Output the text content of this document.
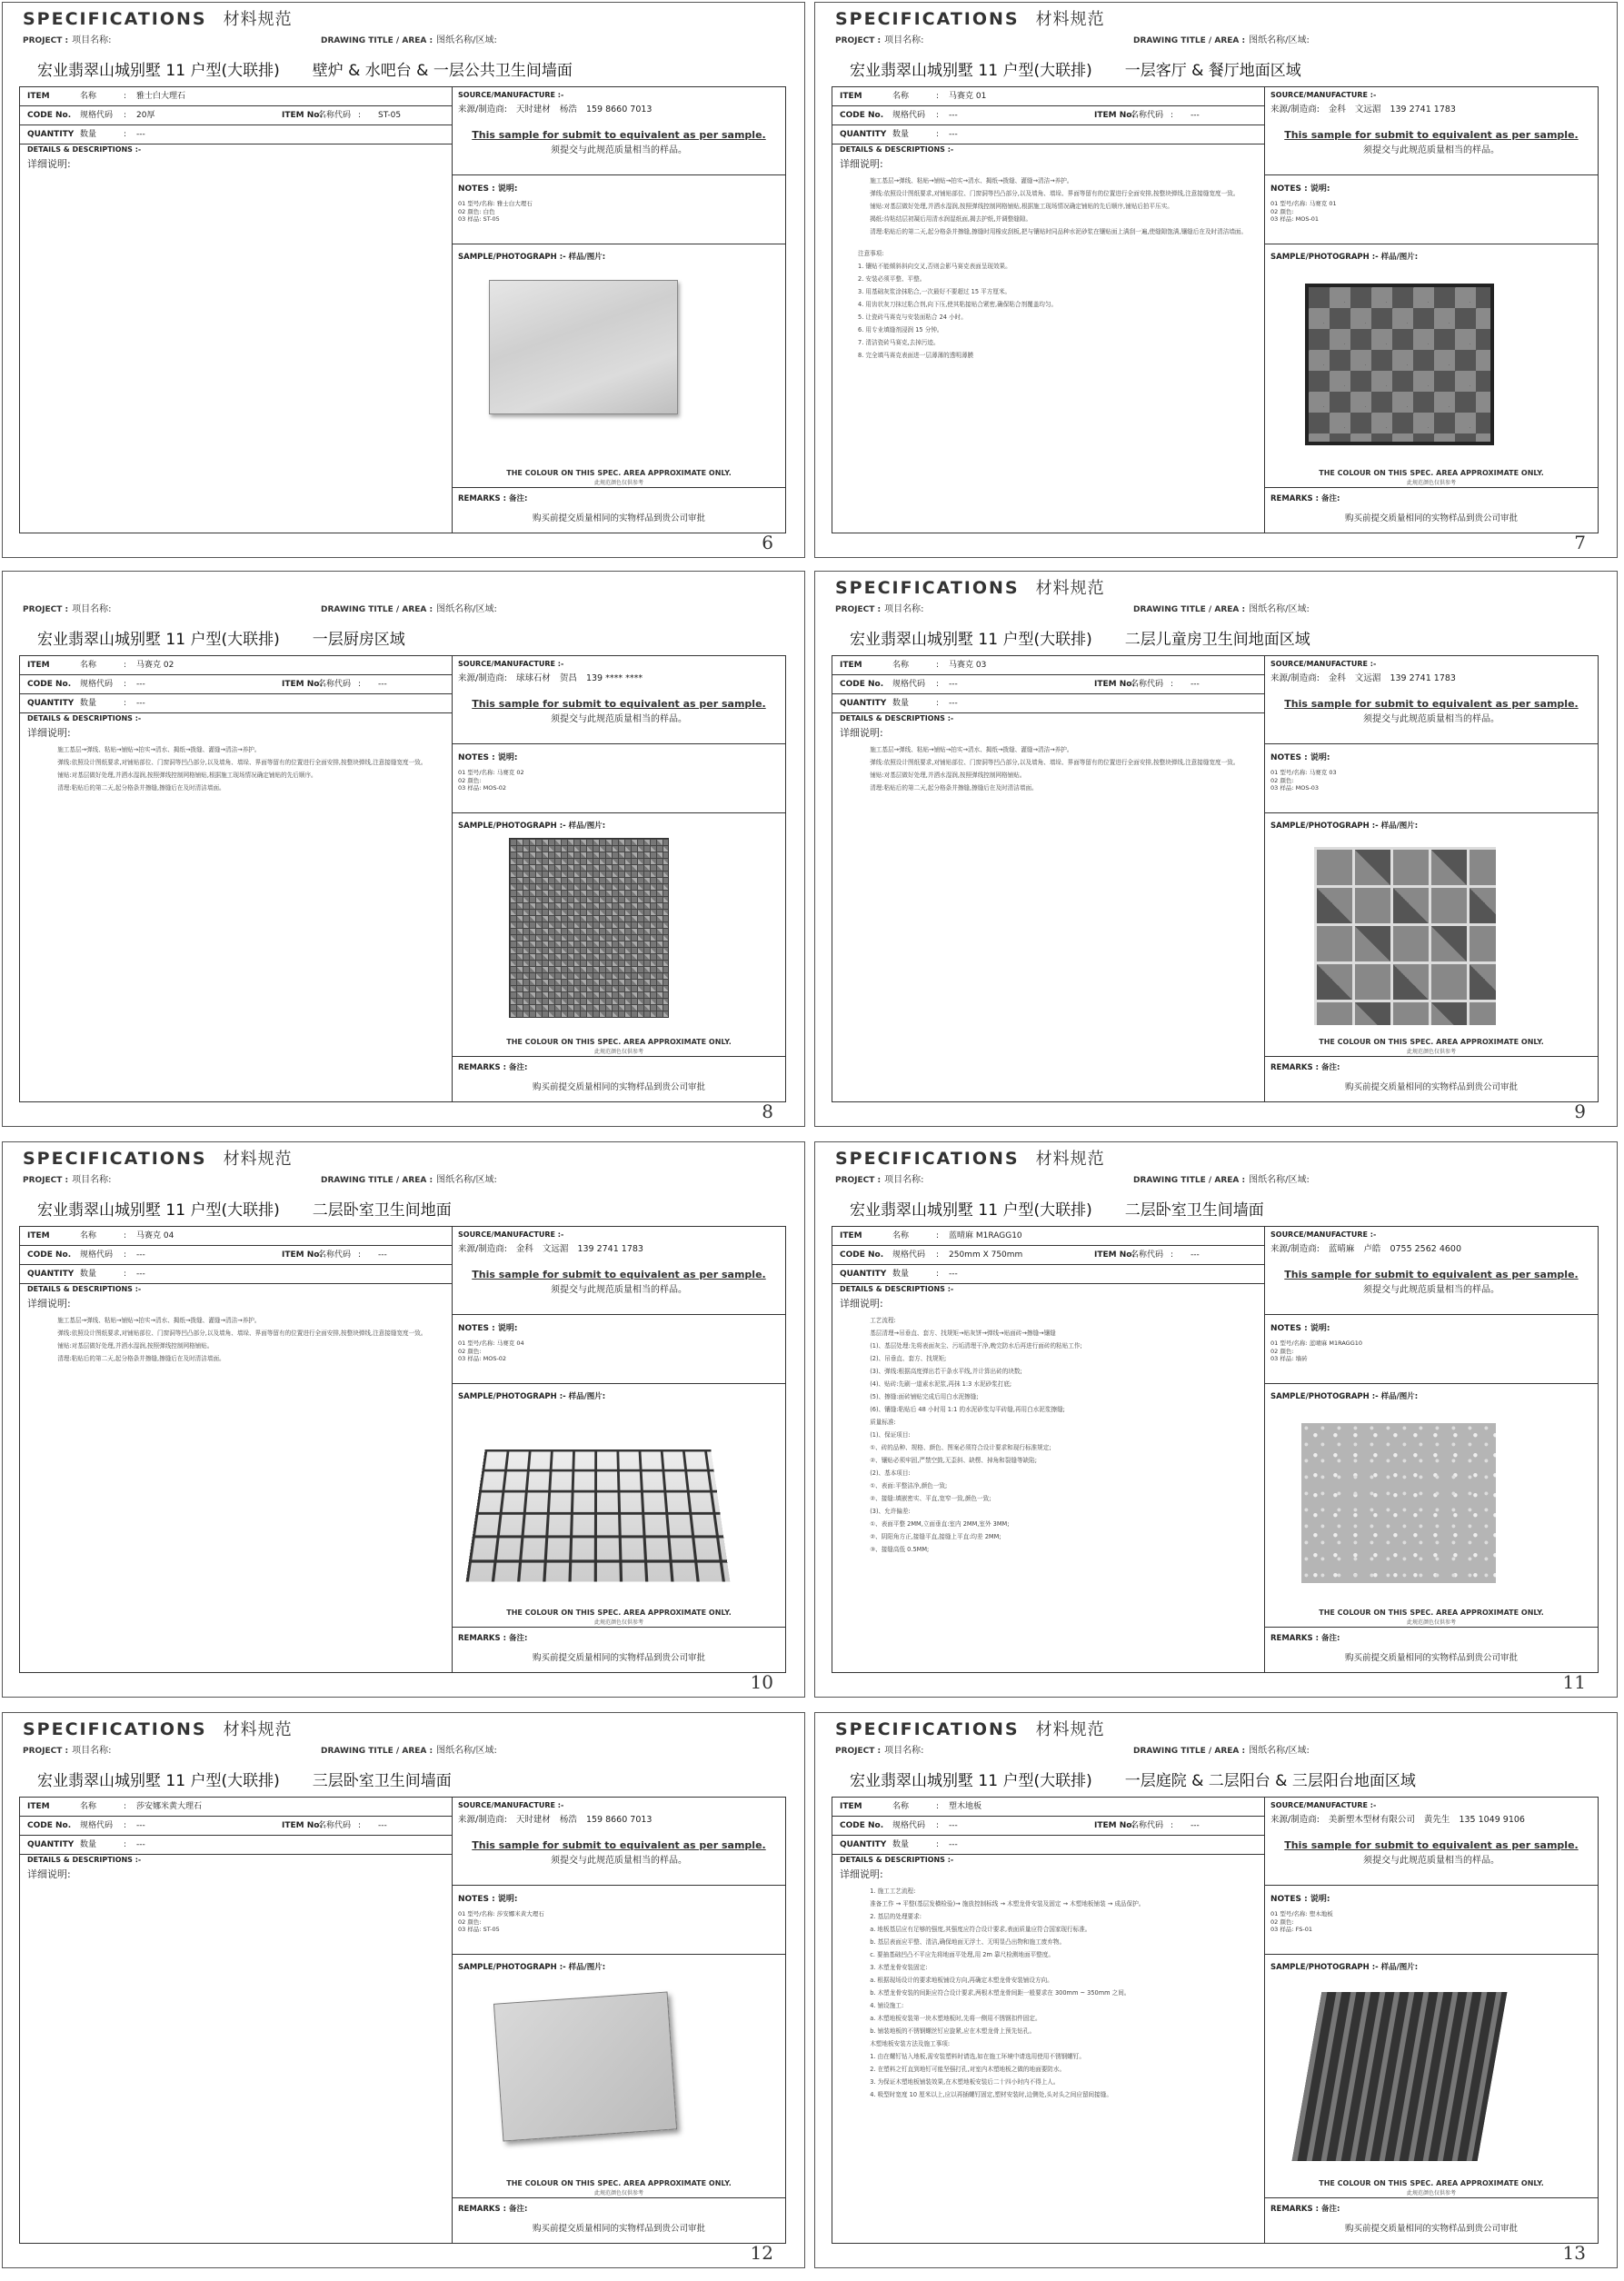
SPECIFICATIONS 材料规范
PROJECT : 项目名称:	DRAWING TITLE / AREA : 图纸名称/区域:
宏业翡翠山城别墅 11 户型(大联排) 壁炉 & 水吧台 & 一层公共卫生间墙面
ITEM	名称	: 雅士白大理石
CODE No. 规格代码 : 20厚	ITEM No.
名称代码 : ST-05
QUANTITY 数量	: ---
DETAILS & DESCRIPTIONS :-
详细说明:
SOURCE/MANUFACTURE :-
来源/制造商: 天时建材 杨浩 159 8660 7013
This sample for submit to equivalent as per sample.
须提交与此规范质量相当的样品。
NOTES : 说明:
01 型号/名称: 雅士白大理石
02 颜色: 白色
03 样品: ST-05
SAMPLE/PHOTOGRAPH :- 样品/图片:
THE COLOUR ON THIS SPEC. AREA APPROXIMATE ONLY.
此规范颜色仅供参考
REMARKS : 备注:
购买前提交质量相同的实物样品到贵公司审批
6
SPECIFICATIONS 材料规范
PROJECT : 项目名称:	DRAWING TITLE / AREA : 图纸名称/区域:
宏业翡翠山城别墅 11 户型(大联排) 一层客厅 & 餐厅地面区域
ITEM	名称	: 马赛克 01
CODE No. 规格代码 : ---	ITEM No.
名称代码 : ---
QUANTITY 数量	: ---
DETAILS & DESCRIPTIONS :-
详细说明:

施工基层→弹线、粘贴→铺贴→拍实→清水、揭纸→拨缝、灌缝→清洁→养护。

弹线:依照设计图纸要求,对铺贴部位、门窗洞等凹凸部分,以及墙角、墙垛、界面等留有的位置进行全面安排,按整块弹线,注意接缝宽度一致。

铺贴:对基层做好处理,并洒水湿润,按照弹线控制网格铺贴,根据施工现场情况确定铺贴的先后顺序,铺贴后拍平压实。

揭纸:待粘结层初凝后用清水润湿纸面,揭去护纸,并调整缝隙。

清理:粘贴后的第二天,起分格条并擦缝,擦缝时用橡皮刮板,把与镶贴时同品种水泥砂浆在镶贴面上满刮一遍,使缝隙饱满,镶缝后在及时清洁墙面。

注意事项:

1. 镶贴不能倾斜斜向交叉,否则会影马赛克表面呈现效果。

2. 安装必须平整、平整。

3. 用基础灰浆涂抹粘合,一次最好不要超过 15 平方厘米。

4. 用齿状灰刀抹过粘合剂,向下压,使其粘接贴合紧密,确保粘合剂覆盖均匀。

5. 让瓷砖马赛克与安装面粘合 24 小时。

6. 用专业填缝剂浸润 15 分钟。

7. 清洁瓷砖马赛克,去掉污迹。

8. 完全填马赛克表面进一层薄薄的透明薄膜

SOURCE/MANUFACTURE :-
来源/制造商: 金科 文远湄 139 2741 1783
This sample for submit to equivalent as per sample.
须提交与此规范质量相当的样品。
NOTES : 说明:
01 型号/名称: 马赛克 01
02 颜色:
03 样品: MOS-01
SAMPLE/PHOTOGRAPH :- 样品/图片:
THE COLOUR ON THIS SPEC. AREA APPROXIMATE ONLY.
此规范颜色仅供参考
REMARKS : 备注:
购买前提交质量相同的实物样品到贵公司审批
7
PROJECT : 项目名称:	DRAWING TITLE / AREA : 图纸名称/区域:
宏业翡翠山城别墅 11 户型(大联排) 一层厨房区域
ITEM	名称	: 马赛克 02
CODE No. 规格代码 : ---	ITEM No.
名称代码 : ---
QUANTITY 数量	: ---
DETAILS & DESCRIPTIONS :-
详细说明:

施工基层→弹线、粘贴→铺贴→拍实→清水、揭纸→拨缝、灌缝→清洁→养护。

弹线:依照设计图纸要求,对铺贴部位、门窗洞等凹凸部分,以及墙角、墙垛、界面等留有的位置进行全面安排,按整块弹线,注意接缝宽度一致。

铺贴:对基层做好处理,并洒水湿润,按照弹线控制网格铺贴,根据施工现场情况确定铺贴的先后顺序。

清理:粘贴后的第二天,起分格条并擦缝,擦缝后在及时清洁墙面。

SOURCE/MANUFACTURE :-
来源/制造商: 球球石材 贺昌 139 **** ****
This sample for submit to equivalent as per sample.
须提交与此规范质量相当的样品。
NOTES : 说明:
01 型号/名称: 马赛克 02
02 颜色:
03 样品: MOS-02
SAMPLE/PHOTOGRAPH :- 样品/图片:
THE COLOUR ON THIS SPEC. AREA APPROXIMATE ONLY.
此规范颜色仅供参考
REMARKS : 备注:
购买前提交质量相同的实物样品到贵公司审批
8
SPECIFICATIONS 材料规范
PROJECT : 项目名称:	DRAWING TITLE / AREA : 图纸名称/区域:
宏业翡翠山城别墅 11 户型(大联排) 二层儿童房卫生间地面区域
ITEM	名称	: 马赛克 03
CODE No. 规格代码 : ---	ITEM No.
名称代码 : ---
QUANTITY 数量	: ---
DETAILS & DESCRIPTIONS :-
详细说明:

施工基层→弹线、粘贴→铺贴→拍实→清水、揭纸→拨缝、灌缝→清洁→养护。

弹线:依照设计图纸要求,对铺贴部位、门窗洞等凹凸部分,以及墙角、墙垛、界面等留有的位置进行全面安排,按整块弹线,注意接缝宽度一致。

铺贴:对基层做好处理,并洒水湿润,按照弹线控制网格铺贴。

清理:粘贴后的第二天,起分格条并擦缝,擦缝后在及时清洁墙面。

SOURCE/MANUFACTURE :-
来源/制造商: 金科 文远湄 139 2741 1783
This sample for submit to equivalent as per sample.
须提交与此规范质量相当的样品。
NOTES : 说明:
01 型号/名称: 马赛克 03
02 颜色:
03 样品: MOS-03
SAMPLE/PHOTOGRAPH :- 样品/图片:
THE COLOUR ON THIS SPEC. AREA APPROXIMATE ONLY.
此规范颜色仅供参考
REMARKS : 备注:
购买前提交质量相同的实物样品到贵公司审批
9
SPECIFICATIONS 材料规范
PROJECT : 项目名称:	DRAWING TITLE / AREA : 图纸名称/区域:
宏业翡翠山城别墅 11 户型(大联排) 二层卧室卫生间地面
ITEM	名称	: 马赛克 04
CODE No. 规格代码 : ---	ITEM No.
名称代码 : ---
QUANTITY 数量	: ---
DETAILS & DESCRIPTIONS :-
详细说明:

施工基层→弹线、粘贴→铺贴→拍实→清水、揭纸→拨缝、灌缝→清洁→养护。

弹线:依照设计图纸要求,对铺贴部位、门窗洞等凹凸部分,以及墙角、墙垛、界面等留有的位置进行全面安排,按整块弹线,注意接缝宽度一致。

铺贴:对基层做好处理,并洒水湿润,按照弹线控制网格铺贴。

清理:粘贴后的第二天,起分格条并擦缝,擦缝后在及时清洁墙面。

SOURCE/MANUFACTURE :-
来源/制造商: 金科 文远湄 139 2741 1783
This sample for submit to equivalent as per sample.
须提交与此规范质量相当的样品。
NOTES : 说明:
01 型号/名称: 马赛克 04
02 颜色:
03 样品: MOS-02
SAMPLE/PHOTOGRAPH :- 样品/图片:
THE COLOUR ON THIS SPEC. AREA APPROXIMATE ONLY.
此规范颜色仅供参考
REMARKS : 备注:
购买前提交质量相同的实物样品到贵公司审批
10
SPECIFICATIONS 材料规范
PROJECT : 项目名称:	DRAWING TITLE / AREA : 图纸名称/区域:
宏业翡翠山城别墅 11 户型(大联排) 二层卧室卫生间墙面
ITEM	名称	: 蓝晴麻 M1RAGG10
CODE No. 规格代码 : 250mm X 750mm	ITEM No.
名称代码 : ---
QUANTITY 数量	: ---
DETAILS & DESCRIPTIONS :-
详细说明:

工艺流程:

基层清理→吊垂直、套方、找规矩→贴灰饼→弹线→贴面砖→擦缝→镶缝

(1)、基层处理:先将表面灰尘、污垢清理干净,晚完防水后再进行面砖的粘贴工作;

(2)、吊垂直、套方、找规矩;

(3)、弹线:根据高度弹出若干条水平线,并计算出砖的块数;

(4)、贴砖:先刷一道素水泥浆,再抹 1:3 水泥砂浆打底;

(5)、擦缝:面砖铺贴完成后用白水泥擦缝;

(6)、镶缝:粘贴后 48 小时用 1:1 的水泥砂浆勾平砖缝,再用白水泥浆擦缝;

质量标准:

(1)、保证项目:

①、砖的品种、规格、颜色、图案必须符合设计要求和现行标准规定;

②、镶贴必须牢固,严禁空鼓,无歪斜、缺楞、掉角和裂缝等缺陷;

(2)、基本项目:

①、表面:平整洁净,颜色一致;

②、接缝:填嵌密实、平直,宽窄一致,颜色一致;

(3)、允许偏差:

①、表面平整 2MM,立面垂直:室内 2MM,室外 3MM;

②、阴阳角方正,接缝平直,接缝上平直:均差 2MM;

③、接缝高低 0.5MM;

SOURCE/MANUFACTURE :-
来源/制造商: 蓝晴麻 卢皓 0755 2562 4600
This sample for submit to equivalent as per sample.
须提交与此规范质量相当的样品。
NOTES : 说明:
01 型号/名称: 蓝晴麻 M1RAGG10
02 颜色:
03 样品: 墙砖
SAMPLE/PHOTOGRAPH :- 样品/图片:
THE COLOUR ON THIS SPEC. AREA APPROXIMATE ONLY.
此规范颜色仅供参考
REMARKS : 备注:
购买前提交质量相同的实物样品到贵公司审批
11
SPECIFICATIONS 材料规范
PROJECT : 项目名称:	DRAWING TITLE / AREA : 图纸名称/区域:
宏业翡翠山城别墅 11 户型(大联排) 三层卧室卫生间墙面
ITEM	名称	: 莎安娜米黄大理石
CODE No. 规格代码 : ---	ITEM No.
名称代码 : ---
QUANTITY 数量	: ---
DETAILS & DESCRIPTIONS :-
详细说明:
SOURCE/MANUFACTURE :-
来源/制造商: 天时建材 杨浩 159 8660 7013
This sample for submit to equivalent as per sample.
须提交与此规范质量相当的样品。
NOTES : 说明:
01 型号/名称: 莎安娜米黄大理石
02 颜色:
03 样品: ST-05
SAMPLE/PHOTOGRAPH :- 样品/图片:
THE COLOUR ON THIS SPEC. AREA APPROXIMATE ONLY.
此规范颜色仅供参考
REMARKS : 备注:
购买前提交质量相同的实物样品到贵公司审批
12
SPECIFICATIONS 材料规范
PROJECT : 项目名称:	DRAWING TITLE / AREA : 图纸名称/区域:
宏业翡翠山城别墅 11 户型(大联排) 一层庭院 & 二层阳台 & 三层阳台地面区域
ITEM	名称	: 塑木地板
CODE No. 规格代码 : ---	ITEM No.
名称代码 : ---
QUANTITY 数量	: ---
DETAILS & DESCRIPTIONS :-
详细说明:

1. 施工工艺流程:

准备工作 → 平整(基层发横检验)→ 施放控制标线 → 木塑龙骨安装及固定 → 木塑地板铺装 → 成品保护。

2. 基层的处理要求:

a. 地板基层应有足够的强度,其强度应符合设计要求,表面质量应符合国家现行标准。

b. 基层表面应平整、清洁,确保地面无浮土、无明显凸出物和施工废弃物。

c. 要抽基础凹凸不平应先将地面平处理,用 2m 靠尺检测地面平整度。

3. 木塑龙骨安装固定:

a. 根据现场设计的要求地板铺设方向,再确定木塑龙骨安装铺设方向。

b. 木塑龙骨安装的间距应符合设计要求,两根木塑龙骨间距一般要求在 300mm ~ 350mm 之间。

4. 铺设施工:

a. 木塑地板安装第一块木塑地板时,先将一侧用不锈钢扣件固定。

b. 铺装地板的不锈钢螺丝钉应旋紧,应在木塑龙骨上预先钻孔。

木塑地板安装方法及施工事项:

1. 由在螺钉钻入地板,需安装塑料时请选,如在施工环境中请选用使用不锈钢螺钉。

2. 在塑料之钉直到地钉可能坚强打孔,对室内木塑地板之做的地面要防水。

3. 为保证木塑地板铺装效果,在木塑地板安装后二十四小时内不得上人。

4. 吸型时宽度 10 厘米以上,应以再插螺钉固定,塑材安装时,边侧处,头对头之间应留间接缝。

SOURCE/MANUFACTURE :-
来源/制造商: 美新塑木型材有限公司 黄先生 135 1049 9106
This sample for submit to equivalent as per sample.
须提交与此规范质量相当的样品。
NOTES : 说明:
01 型号/名称: 塑木地板
02 颜色:
03 样品: FS-01
SAMPLE/PHOTOGRAPH :- 样品/图片:
THE COLOUR ON THIS SPEC. AREA APPROXIMATE ONLY.
此规范颜色仅供参考
REMARKS : 备注:
购买前提交质量相同的实物样品到贵公司审批
13
